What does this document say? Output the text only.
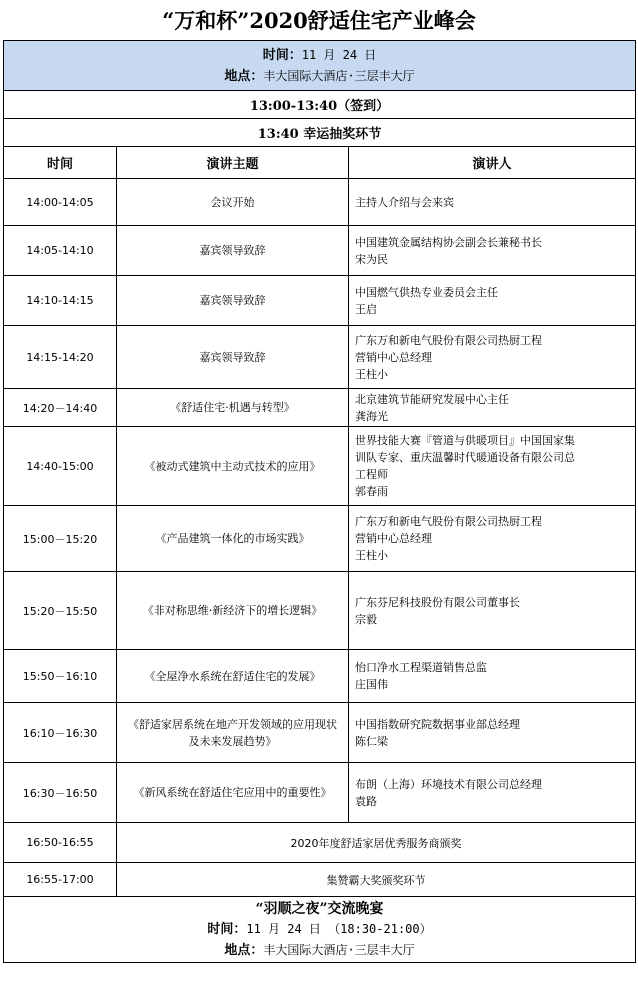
“万和杯”2020舒适住宅产业峰会
时间：11 月 24 日
地点：丰大国际大酒店·三层丰大厅		

13:00-13:40（签到）		
13:40 幸运抽奖环节		
时间	演讲主题	演讲人
14:00-14:05	会议开始	主持人介绍与会来宾

14:05-14:10	嘉宾领导致辞	中国建筑金属结构协会副会长兼秘书长
宋为民

14:10-14:15	嘉宾领导致辞	中国燃气供热专业委员会主任
王启

14:15-14:20	嘉宾领导致辞	广东万和新电气股份有限公司热厨工程
营销中心总经理
王柱小

14:20－14:40	《舒适住宅·机遇与转型》	北京建筑节能研究发展中心主任
龚海光

14:40-15:00	《被动式建筑中主动式技术的应用》	世界技能大赛『管道与供暖项目』中国国家集
训队专家、重庆温馨时代暖通设备有限公司总
工程师
郭春雨

15:00－15:20	《产品建筑一体化的市场实践》	广东万和新电气股份有限公司热厨工程
营销中心总经理
王柱小

15:20－15:50	《非对称思维·新经济下的增长逻辑》	广东芬尼科技股份有限公司董事长
宗毅

15:50－16:10	《全屋净水系统在舒适住宅的发展》	怡口净水工程渠道销售总监
庄国伟

16:10－16:30	《舒适家居系统在地产开发领域的应用现状及未来发展趋势》	中国指数研究院数据事业部总经理
陈仁梁

16:30－16:50	《新风系统在舒适住宅应用中的重要性》	布朗（上海）环境技术有限公司总经理
袁路

16:50-16:55	2020年度舒适家居优秀服务商颁奖	
16:55-17:00	集赞霸大奖颁奖环节	

“羽顺之夜”交流晚宴
时间：11 月 24 日 （18:30-21:00）
地点：丰大国际大酒店·三层丰大厅		
